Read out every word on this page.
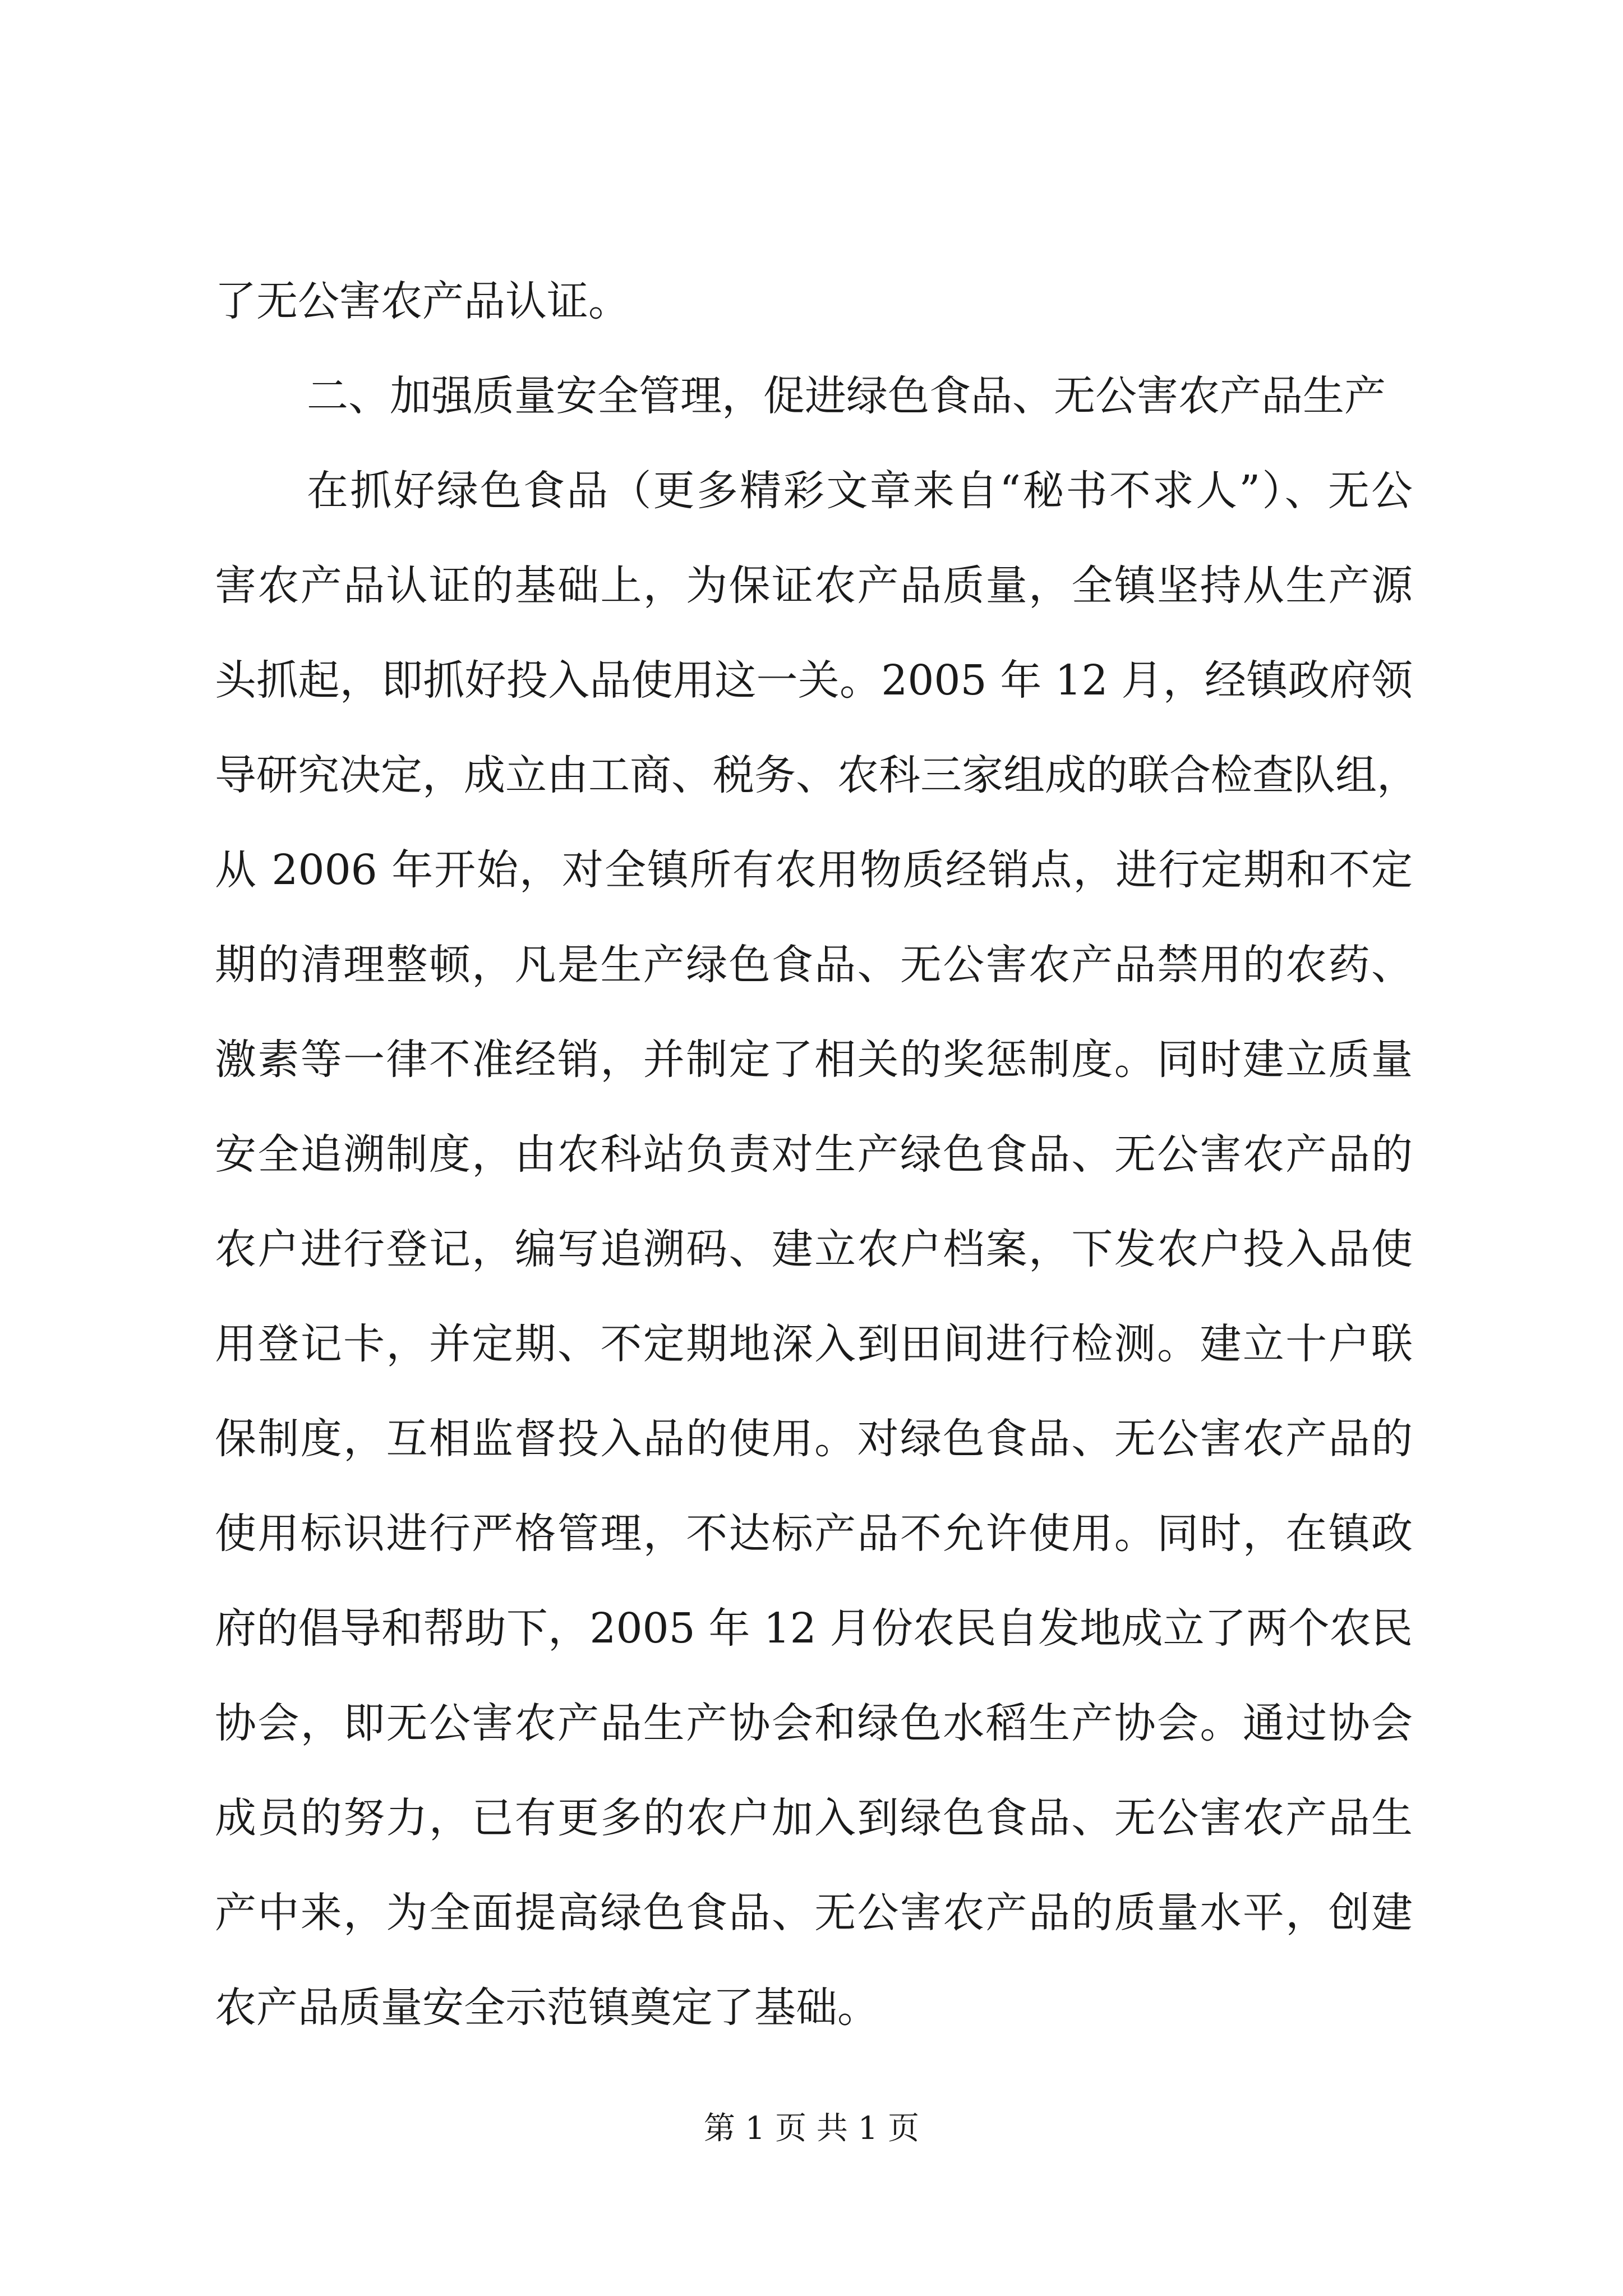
了无公害农产品认证。
二、加强质量安全管理，促进绿色食品、无公害农产品生产
在抓好绿色食品（更多精彩文章来自“秘书不求人”）、无公
害农产品认证的基础上，为保证农产品质量，全镇坚持从生产源
头抓起，即抓好投入品使用这一关。2005 年 12 月，经镇政府领
导研究决定，成立由工商、税务、农科三家组成的联合检查队组，
从 2006 年开始，对全镇所有农用物质经销点，进行定期和不定
期的清理整顿，凡是生产绿色食品、无公害农产品禁用的农药、
激素等一律不准经销，并制定了相关的奖惩制度。同时建立质量
安全追溯制度，由农科站负责对生产绿色食品、无公害农产品的
农户进行登记，编写追溯码、建立农户档案，下发农户投入品使
用登记卡，并定期、不定期地深入到田间进行检测。建立十户联
保制度，互相监督投入品的使用。对绿色食品、无公害农产品的
使用标识进行严格管理，不达标产品不允许使用。同时，在镇政
府的倡导和帮助下，2005 年 12 月份农民自发地成立了两个农民
协会，即无公害农产品生产协会和绿色水稻生产协会。通过协会
成员的努力，已有更多的农户加入到绿色食品、无公害农产品生
产中来，为全面提高绿色食品、无公害农产品的质量水平，创建
农产品质量安全示范镇奠定了基础。
第 1 页 共 1 页
